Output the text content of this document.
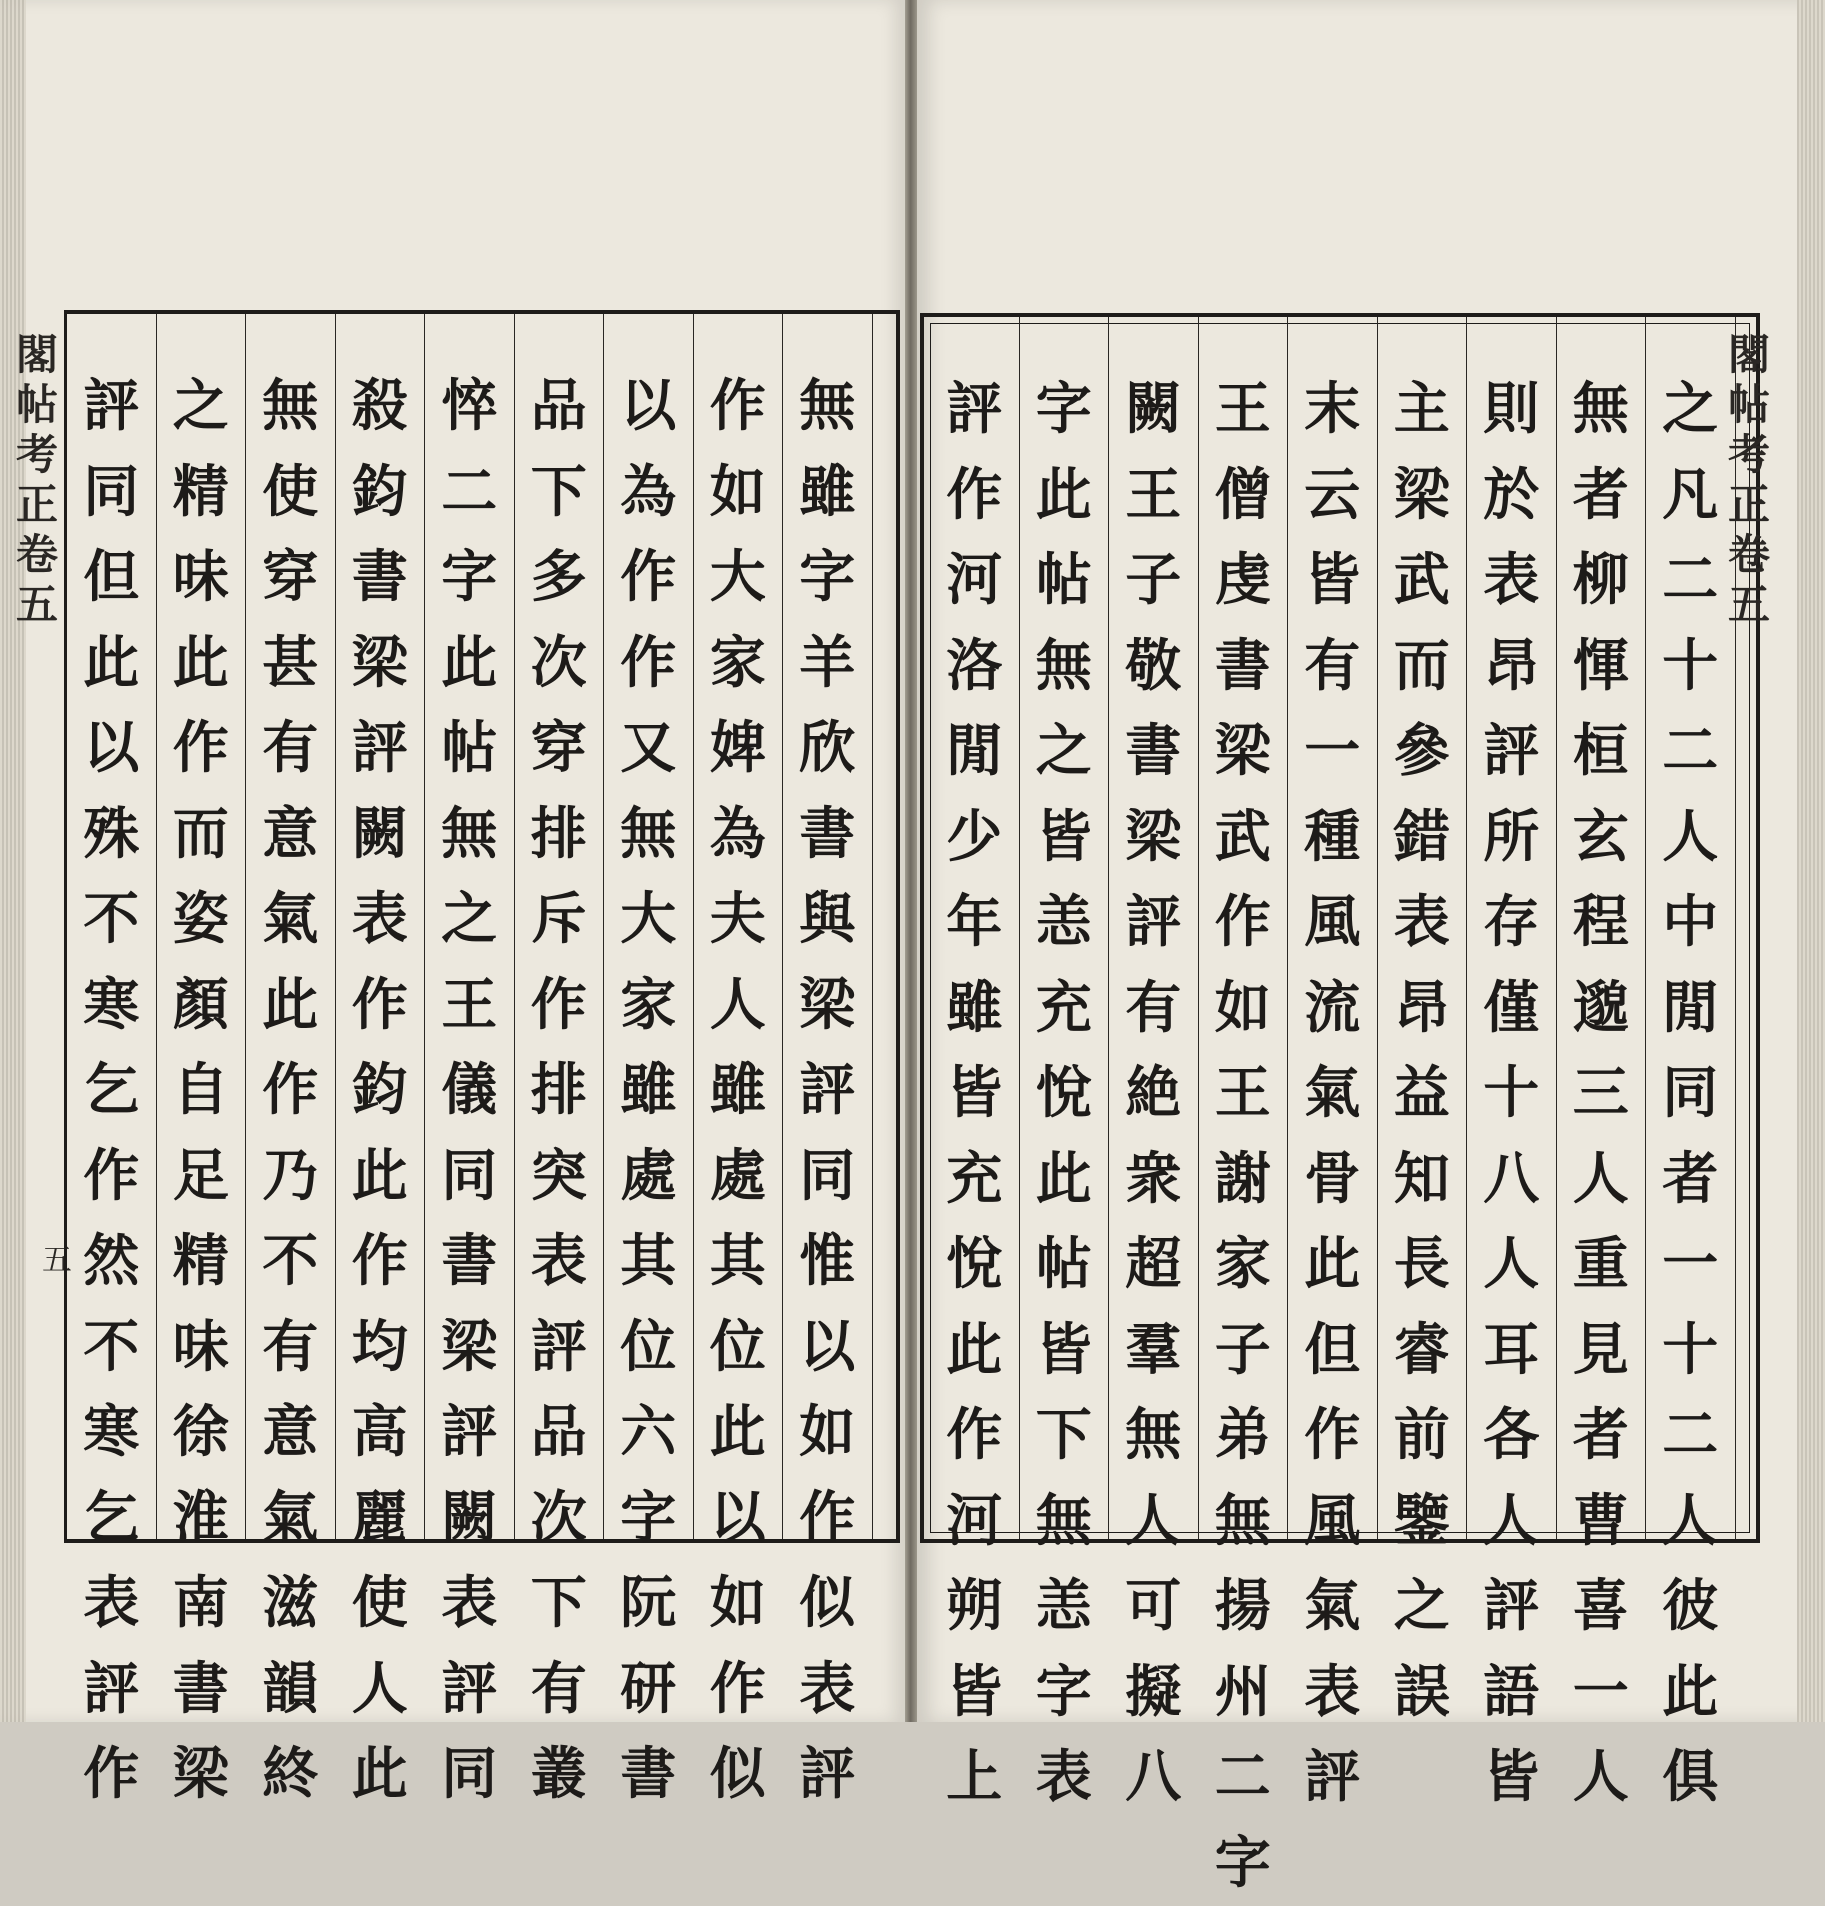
閣
帖
考
正
卷
五
五
評
同
但
此
以
殊
不
寒
乞
作
然
不
寒
乞
表
評
作
之
精
味
此
作
而
姿
顏
自
足
精
味
徐
淮
南
書
梁
無
使
穿
甚
有
意
氣
此
作
乃
不
有
意
氣
滋
韻
終
殺
鈞
書
梁
評
闕
表
作
鈞
此
作
均
高
麗
使
人
此
悴
二
字
此
帖
無
之
王
儀
同
書
梁
評
闕
表
評
同
品
下
多
次
穿
排
斥
作
排
突
表
評
品
次
下
有
叢
以
為
作
作
又
無
大
家
雖
處
其
位
六
字
阮
研
書
作
如
大
家
婢
為
夫
人
雖
處
其
位
此
以
如
作
似
無
雖
字
羊
欣
書
與
梁
評
同
惟
以
如
作
似
表
評
評
作
河
洛
閒
少
年
雖
皆
充
悅
此
作
河
朔
皆
上
字
此
帖
無
之
皆
恙
充
悅
此
帖
皆
下
無
恙
字
表
闕
王
子
敬
書
梁
評
有
絶
衆
超
羣
無
人
可
擬
八
王
僧
虔
書
梁
武
作
如
王
謝
家
子
弟
無
揚
州
二
字
末
云
皆
有
一
種
風
流
氣
骨
此
但
作
風
氣
表
評
主
梁
武
而
參
錯
表
昂
益
知
長
睿
前
鑒
之
誤
則
於
表
昂
評
所
存
僅
十
八
人
耳
各
人
評
語
皆
無
者
柳
惲
桓
玄
程
邈
三
人
重
見
者
曹
喜
一
人
之
凡
二
十
二
人
中
閒
同
者
一
十
二
人
彼
此
俱
閣
帖
考
正
卷
五
